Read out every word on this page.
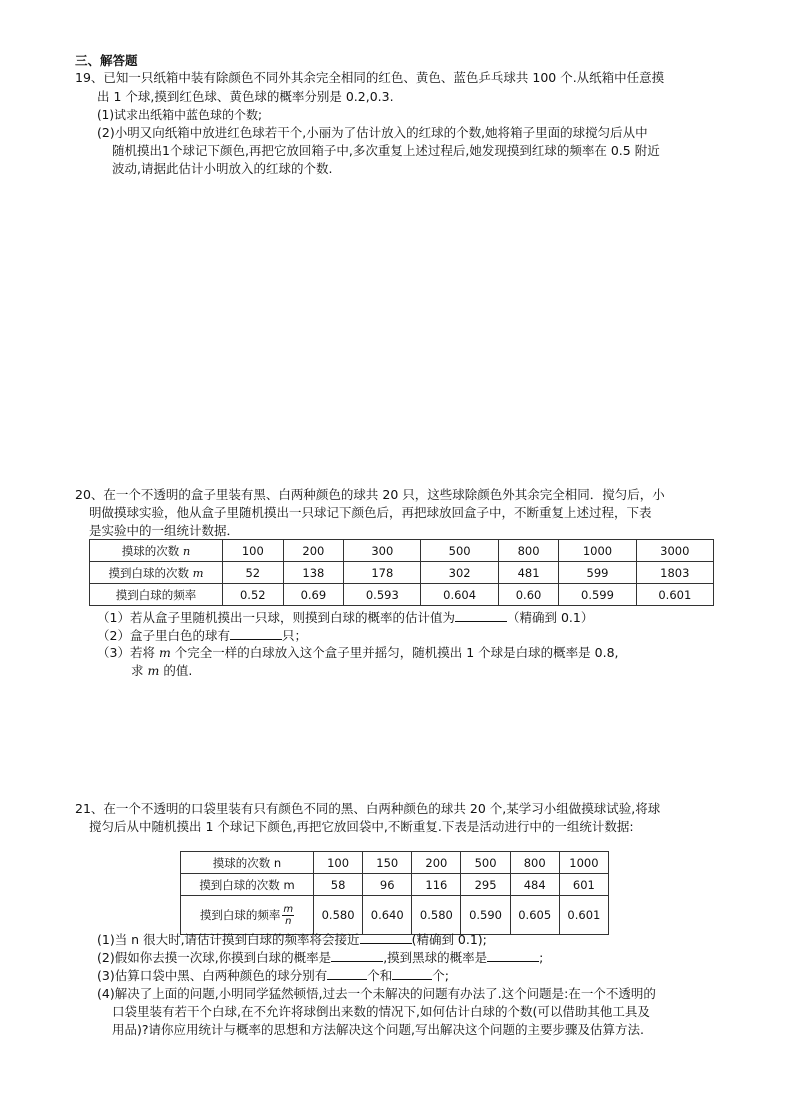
三、解答题
19、已知一只纸箱中装有除颜色不同外其余完全相同的红色、黄色、蓝色乒乓球共 100 个.从纸箱中任意摸
出 1 个球,摸到红色球、黄色球的概率分别是 0.2,0.3.
(1)试求出纸箱中蓝色球的个数;
(2)小明又向纸箱中放进红色球若干个,小丽为了估计放入的红球的个数,她将箱子里面的球搅匀后从中
随机摸出1个球记下颜色,再把它放回箱子中,多次重复上述过程后,她发现摸到红球的频率在 0.5 附近
波动,请据此估计小明放入的红球的个数.
20、在一个不透明的盒子里装有黑、白两种颜色的球共 20 只，这些球除颜色外其余完全相同．搅匀后，小
明做摸球实验，他从盒子里随机摸出一只球记下颜色后，再把球放回盒子中，不断重复上述过程，下表
是实验中的一组统计数据．
摸球的次数 n	100	200	300	500	800	1000	3000
摸到白球的次数 m	52	138	178	302	481	599	1803
摸到白球的频率	0.52	0.69	0.593	0.604	0.60	0.599	0.601
（1）若从盒子里随机摸出一只球，则摸到白球的概率的估计值为	（精确到 0.1）
（2）盒子里白色的球有	只；
（3）若将 m 个完全一样的白球放入这个盒子里并摇匀，随机摸出 1 个球是白球的概率是 0.8,
求 m 的值.
21、在一个不透明的口袋里装有只有颜色不同的黑、白两种颜色的球共 20 个,某学习小组做摸球试验,将球
搅匀后从中随机摸出 1 个球记下颜色,再把它放回袋中,不断重复.下表是活动进行中的一组统计数据:
摸球的次数 n	100	150	200	500	800	1000
摸到白球的次数 m	58	96	116	295	484	601
摸到白球的频率 $\frac{m}{n}$	0.580	0.640	0.580	0.590	0.605	0.601
(1)当 n 很大时,请估计摸到白球的频率将会接近	(精确到 0.1);
(2)假如你去摸一次球,你摸到白球的概率是	,摸到黑球的概率是	;
(3)估算口袋中黑、白两种颜色的球分别有	个和	个;
(4)解决了上面的问题,小明同学猛然顿悟,过去一个未解决的问题有办法了.这个问题是:在一个不透明的
口袋里装有若干个白球,在不允许将球倒出来数的情况下,如何估计白球的个数(可以借助其他工具及
用品)?请你应用统计与概率的思想和方法解决这个问题,写出解决这个问题的主要步骤及估算方法.
